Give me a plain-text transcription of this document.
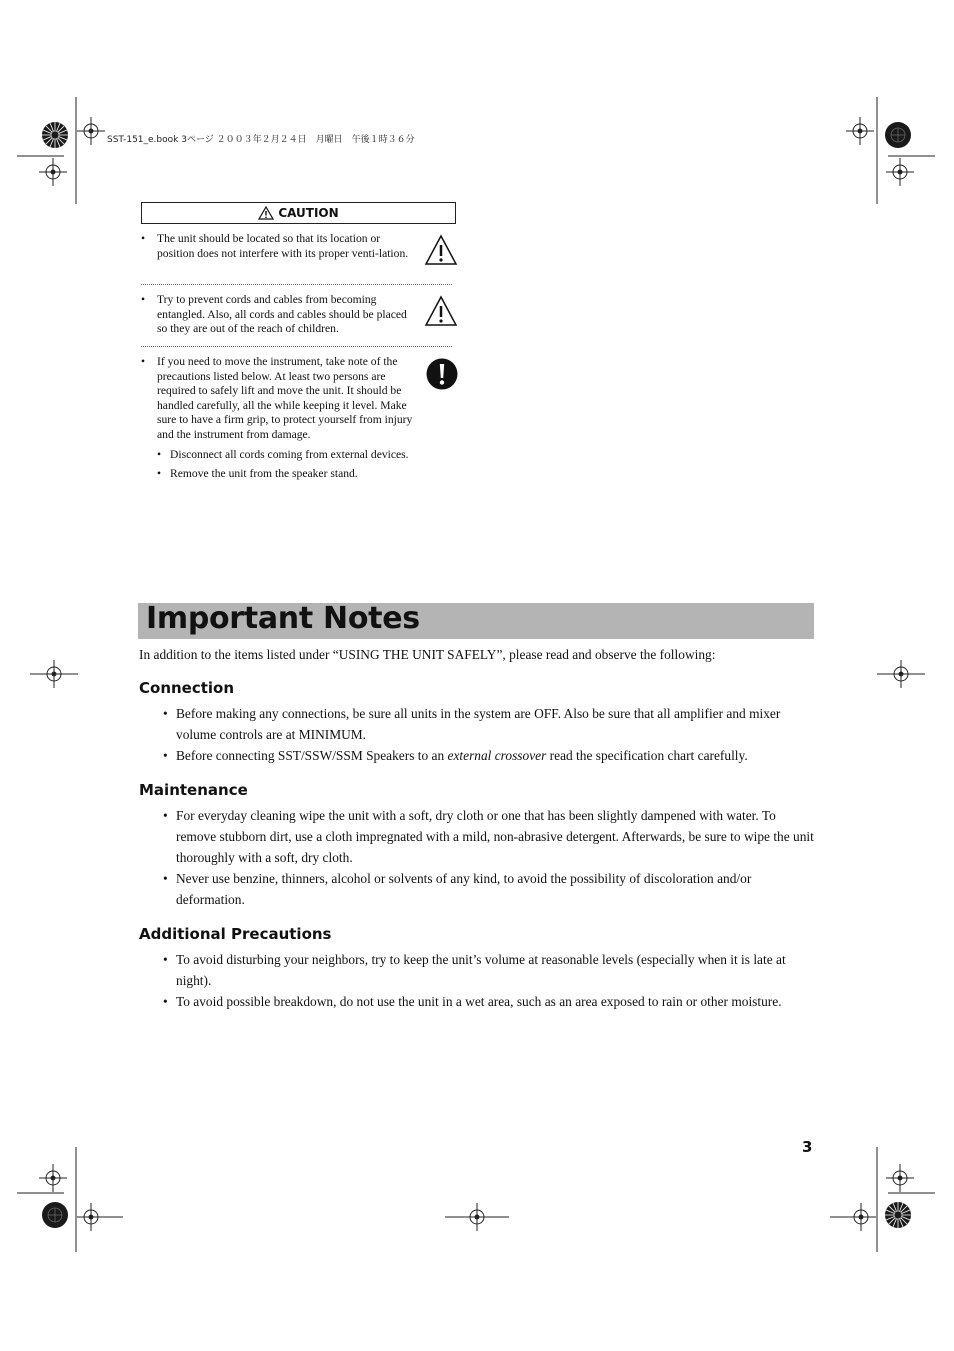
SST-151_e.book 3ページ ２００３年２月２４日　月曜日　午後１時３６分
CAUTION
• The unit should be located so that its location or position does not interfere with its proper venti-lation.
• Try to prevent cords and cables from becoming entangled. Also, all cords and cables should be placed so they are out of the reach of children.
• If you need to move the instrument, take note of the precautions listed below. At least two persons are required to safely lift and move the unit. It should be handled carefully, all the while keeping it level. Make sure to have a firm grip, to protect yourself from injury and the instrument from damage.
• Disconnect all cords coming from external devices.
• Remove the unit from the speaker stand.
Important Notes
In addition to the items listed under “USING THE UNIT SAFELY”, please read and observe the following:
Connection
• Before making any connections, be sure all units in the system are OFF. Also be sure that all amplifier and mixer volume controls are at MINIMUM.
• Before connecting SST/SSW/SSM Speakers to an external crossover read the specification chart carefully.
Maintenance
• For everyday cleaning wipe the unit with a soft, dry cloth or one that has been slightly dampened with water. To remove stubborn dirt, use a cloth impregnated with a mild, non-abrasive detergent. Afterwards, be sure to wipe the unit thoroughly with a soft, dry cloth.
• Never use benzine, thinners, alcohol or solvents of any kind, to avoid the possibility of discoloration and/or deformation.
Additional Precautions
• To avoid disturbing your neighbors, try to keep the unit’s volume at reasonable levels (especially when it is late at night).
• To avoid possible breakdown, do not use the unit in a wet area, such as an area exposed to rain or other moisture.
3
